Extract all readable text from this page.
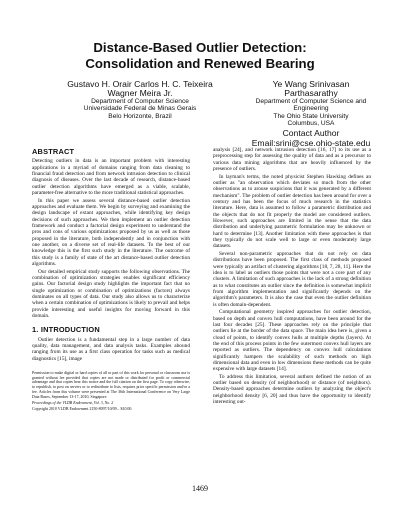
Distance-Based Outlier Detection:
Consolidation and Renewed Bearing
Gustavo H. Orair Carlos H. C. Teixeira
Wagner Meira Jr.
Department of Computer Science
Universidade Federal de Minas Gerais
Belo Horizonte, Brazil
Ye Wang Srinivasan Parthasarathy
Department of Computer Science and
Engineering
The Ohio State University
Columbus, USA
Contact Author
Email:srini@cse.ohio-state.edu
ABSTRACT

Detecting outliers in data is an important problem with interesting applications in a myriad of domains ranging from data cleaning to financial fraud detection and from network intrusion detection to clinical diagnosis of diseases. Over the last decade of research, distance-based outlier detection algorithms have emerged as a viable, scalable, parameter-free alternative to the more traditional statistical approaches.

In this paper we assess several distance-based outlier detection approaches and evaluate them. We begin by surveying and examining the design landscape of extant approaches, while identifying key design decisions of such approaches. We then implement an outlier detection framework and conduct a factorial design experiment to understand the pros and cons of various optimizations proposed by us as well as those proposed in the literature, both independently and in conjunction with one another, on a diverse set of real-life datasets. To the best of our knowledge this is the first such study in the literature. The outcome of this study is a family of state of the art distance-based outlier detection algorithms.

Our detailed empirical study supports the following observations. The combination of optimization strategies enables significant efficiency gains. Our factorial design study highlights the important fact that no single optimization or combination of optimizations (factors) always dominates on all types of data. Our study also allows us to characterize when a certain combination of optimizations is likely to prevail and helps provide interesting and useful insights for moving forward in this domain.

1. INTRODUCTION

Outlier detection is a fundamental step in a large number of data quality, data management, and data analysis tasks. Examples abound ranging from its use as a first class operation for tasks such as medical diagnostics [15], image

Permission to make digital or hard copies of all or part of this work for personal or classroom use is granted without fee provided that copies are not made or distributed for profit or commercial advantage and that copies bear this notice and the full citation on the first page. To copy otherwise, to republish, to post on servers or to redistribute to lists, requires prior specific permission and/or a fee. Articles from this volume were presented at The 36th International Conference on Very Large Data Bases, September 13-17, 2010, Singapore.

Proceedings of the VLDB Endowment, Vol. 3, No. 2

Copyright 2010 VLDB Endowment 2150-8097/10/09... $10.00.

analysis [24], and network intrusion detection [16, 17] to its use as a preprocessing step for assessing the quality of data and as a precursor to various data mining algorithms that are heavily influenced by the presence of outliers.

In layman's terms, the noted physicist Stephen Hawking defines an outlier as "an observation which deviates so much from the other observations as to arouse suspicions that it was generated by a different mechanism". The problem of outlier detection has been around for over a century and has been the focus of much research in the statistics literature. Here, data is assumed to follow a parametric distribution and the objects that do not fit properly the model are considered outliers. However, such approaches are limited in the sense that the data distribution and underlying parametric formulation may be unknown or hard to determine [13]. Another limitation with these approaches is that they typically do not scale well to large or even moderately large datasets.

Several non-parametric approaches that do not rely on data distributions have been proposed. The first class of methods proposed were typically an artifact of clustering algorithms [18, 7, 28, 11]. Here the idea is to label as outliers those points that were not a core part of any clusters. A limitation of such approaches is the lack of a strong definition as to what constitutes an outlier since the definition is somewhat implicit from algorithm implementation and significantly depends on the algorithm's parameters. It is also the case that even the outlier definition is often domain-dependent.

Computational geometry inspired approaches for outlier detection, based on depth and convex hull computations, have been around for the last four decades [25]. These approaches rely on the principle that outliers lie at the border of the data space. The main idea here is, given a cloud of points, to identify convex hulls at multiple depths (layers). At the end of this process points in the few outermost convex hull layers are reported as outliers. The dependency on convex hull calculations significantly hampers the scalability of such methods on high dimensional data and even in low dimensions these methods can be quite expensive with large datasets [14].

To address this limitation, several authors defined the notion of an outlier based on density (of neighborhood) or distance (of neighbors). Density-based approaches determine outliers by analyzing the object's neighborhood density [6, 20] and thus have the opportunity to identify interesting out-

1469
